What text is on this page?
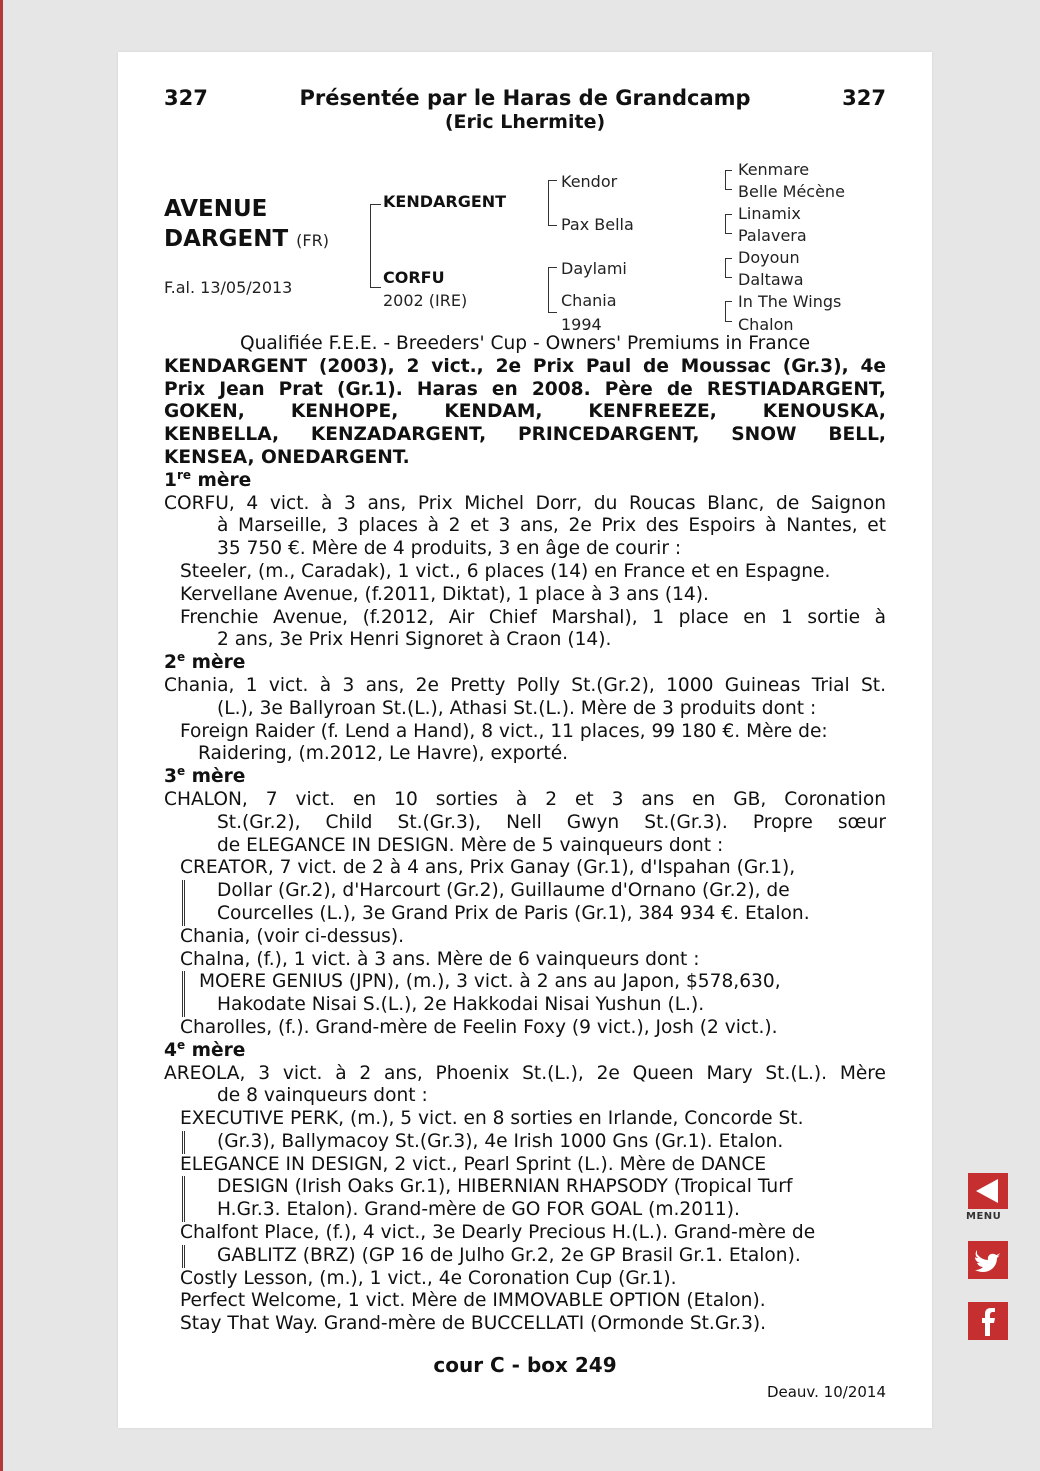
327	Présentée par le Haras de Grandcamp	327
(Eric Lhermite)
AVENUE
DARGENT (FR)
F.al. 13/05/2013
KENDARGENT
CORFU
2002 (IRE)
Kendor
Pax Bella
Daylami
Chania
1994
Kenmare
Belle Mécène
Linamix
Palavera
Doyoun
Daltawa
In The Wings
Chalon
Qualifiée F.E.E. - Breeders' Cup - Owners' Premiums in France
KENDARGENT (2003), 2 vict., 2e Prix Paul de Moussac (Gr.3), 4e
Prix Jean Prat (Gr.1). Haras en 2008. Père de RESTIADARGENT,
GOKEN, KENHOPE, KENDAM, KENFREEZE, KENOUSKA,
KENBELLA, KENZADARGENT, PRINCEDARGENT, SNOW BELL,
KENSEA, ONEDARGENT.
1re mère
CORFU, 4 vict. à 3 ans, Prix Michel Dorr, du Roucas Blanc, de Saignon
à Marseille, 3 places à 2 et 3 ans, 2e Prix des Espoirs à Nantes, et
35 750 €. Mère de 4 produits, 3 en âge de courir :
Steeler, (m., Caradak), 1 vict., 6 places (14) en France et en Espagne.
Kervellane Avenue, (f.2011, Diktat), 1 place à 3 ans (14).
Frenchie Avenue, (f.2012, Air Chief Marshal), 1 place en 1 sortie à
2 ans, 3e Prix Henri Signoret à Craon (14).
2e mère
Chania, 1 vict. à 3 ans, 2e Pretty Polly St.(Gr.2), 1000 Guineas Trial St.
(L.), 3e Ballyroan St.(L.), Athasi St.(L.). Mère de 3 produits dont :
Foreign Raider (f. Lend a Hand), 8 vict., 11 places, 99 180 €. Mère de:
Raidering, (m.2012, Le Havre), exporté.
3e mère
CHALON, 7 vict. en 10 sorties à 2 et 3 ans en GB, Coronation
St.(Gr.2), Child St.(Gr.3), Nell Gwyn St.(Gr.3). Propre sœur
de ELEGANCE IN DESIGN. Mère de 5 vainqueurs dont :
CREATOR, 7 vict. de 2 à 4 ans, Prix Ganay (Gr.1), d'Ispahan (Gr.1),
Dollar (Gr.2), d'Harcourt (Gr.2), Guillaume d'Ornano (Gr.2), de
Courcelles (L.), 3e Grand Prix de Paris (Gr.1), 384 934 €. Etalon.
Chania, (voir ci-dessus).
Chalna, (f.), 1 vict. à 3 ans. Mère de 6 vainqueurs dont :
MOERE GENIUS (JPN), (m.), 3 vict. à 2 ans au Japon, $578,630,
Hakodate Nisai S.(L.), 2e Hakkodai Nisai Yushun (L.).
Charolles, (f.). Grand-mère de Feelin Foxy (9 vict.), Josh (2 vict.).
4e mère
AREOLA, 3 vict. à 2 ans, Phoenix St.(L.), 2e Queen Mary St.(L.). Mère
de 8 vainqueurs dont :
EXECUTIVE PERK, (m.), 5 vict. en 8 sorties en Irlande, Concorde St.
(Gr.3), Ballymacoy St.(Gr.3), 4e Irish 1000 Gns (Gr.1). Etalon.
ELEGANCE IN DESIGN, 2 vict., Pearl Sprint (L.). Mère de DANCE
DESIGN (Irish Oaks Gr.1), HIBERNIAN RHAPSODY (Tropical Turf
H.Gr.3. Etalon). Grand-mère de GO FOR GOAL (m.2011).
Chalfont Place, (f.), 4 vict., 3e Dearly Precious H.(L.). Grand-mère de
GABLITZ (BRZ) (GP 16 de Julho Gr.2, 2e GP Brasil Gr.1. Etalon).
Costly Lesson, (m.), 1 vict., 4e Coronation Cup (Gr.1).
Perfect Welcome, 1 vict. Mère de IMMOVABLE OPTION (Etalon).
Stay That Way. Grand-mère de BUCCELLATI (Ormonde St.Gr.3).
cour C - box 249
Deauv. 10/2014
MENU
